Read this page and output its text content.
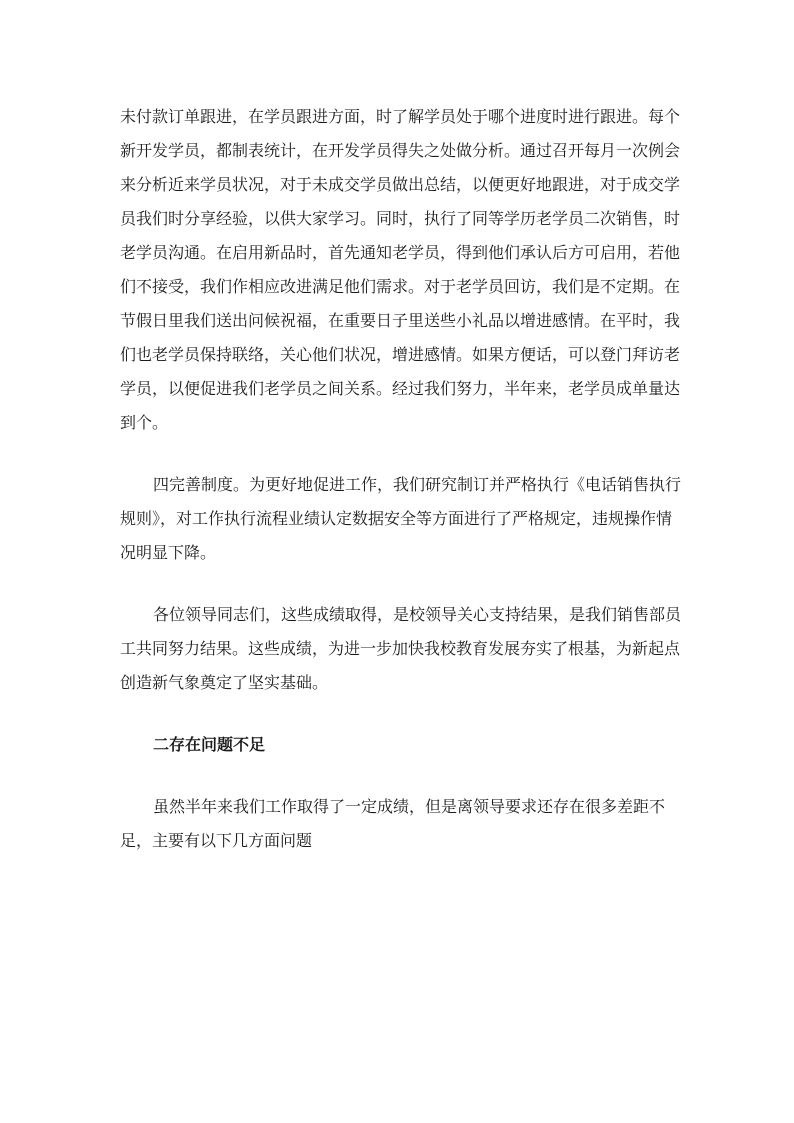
未付款订单跟进，在学员跟进方面，时了解学员处于哪个进度时进行跟进。每个
新开发学员，都制表统计，在开发学员得失之处做分析。通过召开每月一次例会
来分析近来学员状况，对于未成交学员做出总结，以便更好地跟进，对于成交学
员我们时分享经验，以供大家学习。同时，执行了同等学历老学员二次销售，时
老学员沟通。在启用新品时，首先通知老学员，得到他们承认后方可启用，若他
们不接受，我们作相应改进满足他们需求。对于老学员回访，我们是不定期。在
节假日里我们送出问候祝福，在重要日子里送些小礼品以增进感情。在平时，我
们也老学员保持联络，关心他们状况，增进感情。如果方便话，可以登门拜访老
学员，以便促进我们老学员之间关系。经过我们努力，半年来，老学员成单量达
到个。
四完善制度。为更好地促进工作，我们研究制订并严格执行《电话销售执行
规则》，对工作执行流程业绩认定数据安全等方面进行了严格规定，违规操作情
况明显下降。
各位领导同志们，这些成绩取得，是校领导关心支持结果，是我们销售部员
工共同努力结果。这些成绩，为进一步加快我校教育发展夯实了根基，为新起点
创造新气象奠定了坚实基础。
二存在问题不足
虽然半年来我们工作取得了一定成绩，但是离领导要求还存在很多差距不
足，主要有以下几方面问题
